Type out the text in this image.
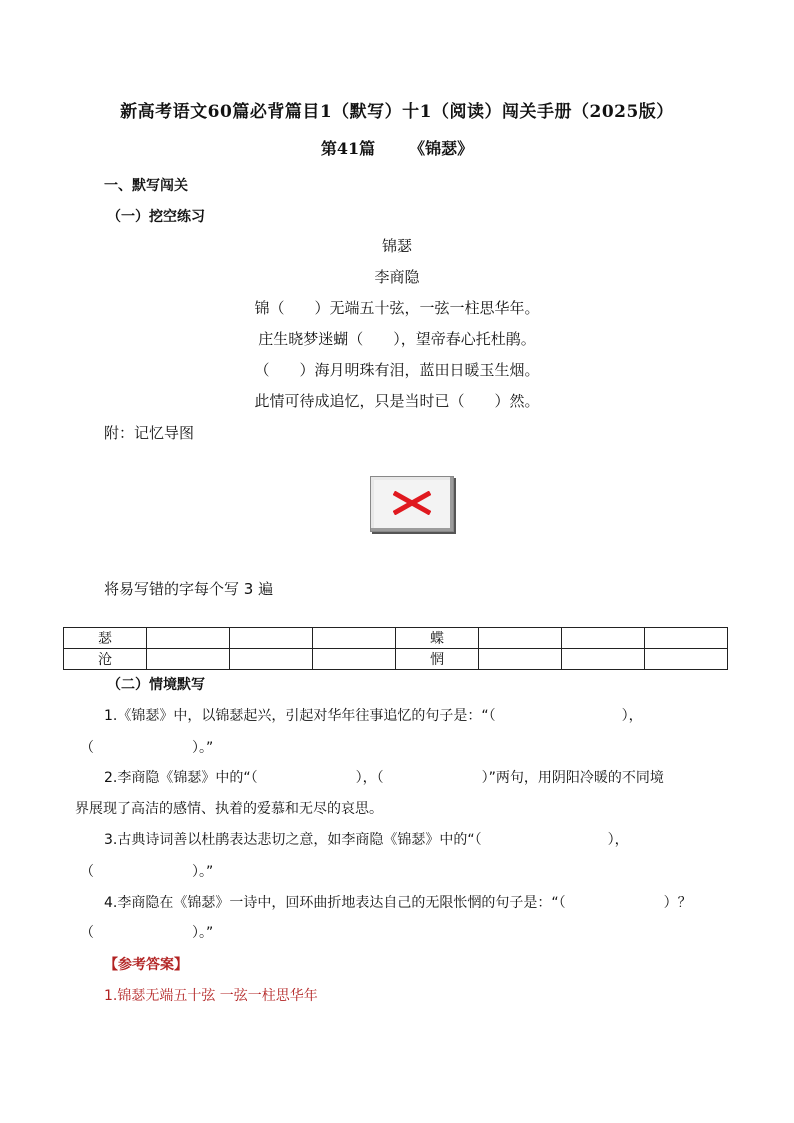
新高考语文60篇必背篇目1（默写）十1（阅读）闯关手册（2025版）
第41篇 《锦瑟》
一、默写闯关
（一）挖空练习
锦瑟
李商隐
锦（　　）无端五十弦，一弦一柱思华年。
庄生晓梦迷蝴（　　），望帝春心托杜鹃。
（　　）海月明珠有泪，蓝田日暖玉生烟。
此情可待成追忆，只是当时已（　　）然。
附：记忆导图
将易写错的字每个写 3 遍
瑟				蝶			
沧				惘			
（二）情境默写
1.《锦瑟》中，以锦瑟起兴，引起对华年往事追忆的句子是：“（　　　　　　　　　），
（　　　　　　　）。”
2.李商隐《锦瑟》中的“（　　　　　　　），（　　　　　　　）”两句，用阴阳冷暖的不同境
界展现了高洁的感情、执着的爱慕和无尽的哀思。
3.古典诗词善以杜鹃表达悲切之意，如李商隐《锦瑟》中的“（　　　　　　　　　），
（　　　　　　　）。”
4.李商隐在《锦瑟》一诗中，回环曲折地表达自己的无限怅惘的句子是：“（　　　　　　　）？
（　　　　　　　）。”
【参考答案】
1.锦瑟无端五十弦 一弦一柱思华年
